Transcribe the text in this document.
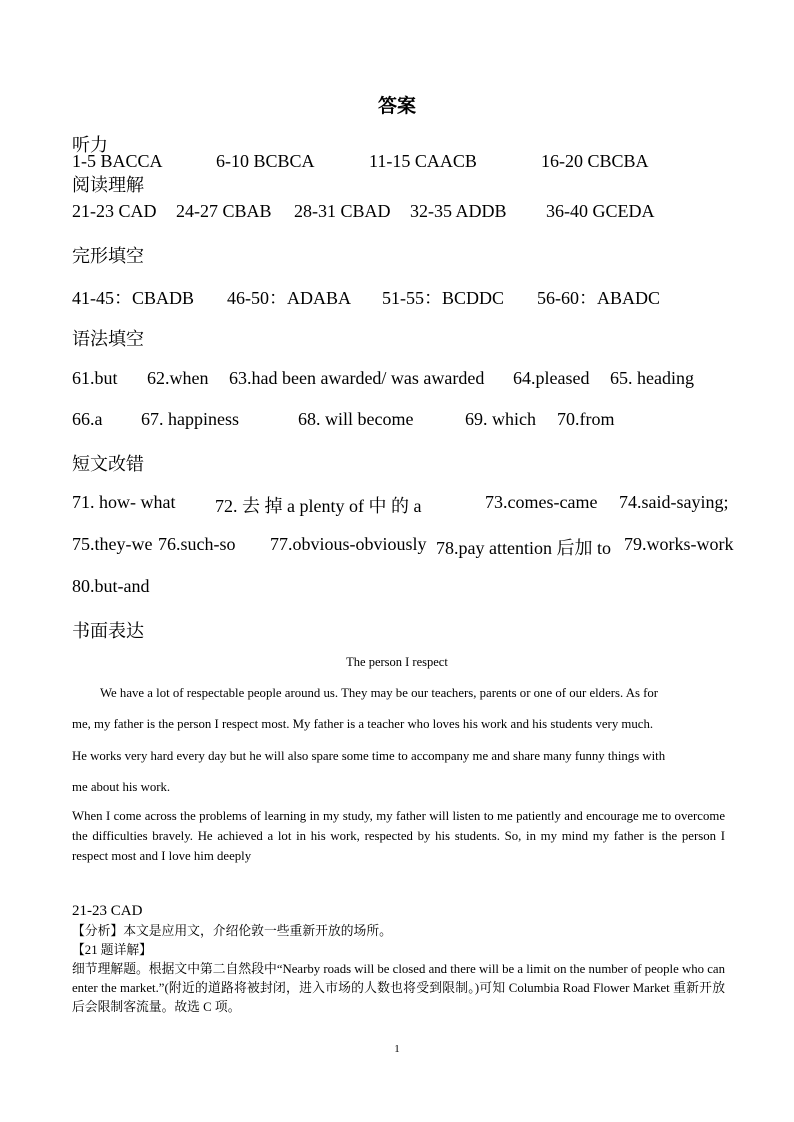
答案
听力
1-5 BACCA	6-10 BCBCA	11-15 CAACB	16-20 CBCBA
阅读理解
21-23 CAD 24-27 CBAB 28-31 CBAD 32-35 ADDB 36-40 GCEDA
完形填空
41-45：CBADB 46-50：ADABA 51-55：BCDDC 56-60：ABADC
语法填空
61.but 62.when 63.had been awarded/ was awarded 64.pleased 65. heading
66.a 67. happiness	68. will become	69. which 70.from
短文改错
71. how- what 72. 去 掉 a plenty of 中 的 a	73.comes-came 74.said-saying;
75.they-we 76.such-so 77.obvious-obviously 78.pay attention 后加 to 79.works-work
80.but-and
书面表达
The person I respect
We have a lot of respectable people around us. They may be our teachers, parents or one of our elders. As for
me, my father is the person I respect most. My father is a teacher who loves his work and his students very much.
He works very hard every day but he will also spare some time to accompany me and share many funny things with
me about his work.
When I come across the problems of learning in my study, my father will listen to me patiently and encourage me to overcome the difficulties bravely. He achieved a lot in his work, respected by his students. So, in my mind my father is the person I respect most and I love him deeply
21-23 CAD
【分析】本文是应用文，介绍伦敦一些重新开放的场所。
【21 题详解】
细节理解题。根据文中第二自然段中“Nearby roads will be closed and there will be a limit on the number of people who can enter the market.”(附近的道路将被封闭，进入市场的人数也将受到限制。)可知 Columbia Road Flower Market 重新开放后会限制客流量。故选 C 项。
1
